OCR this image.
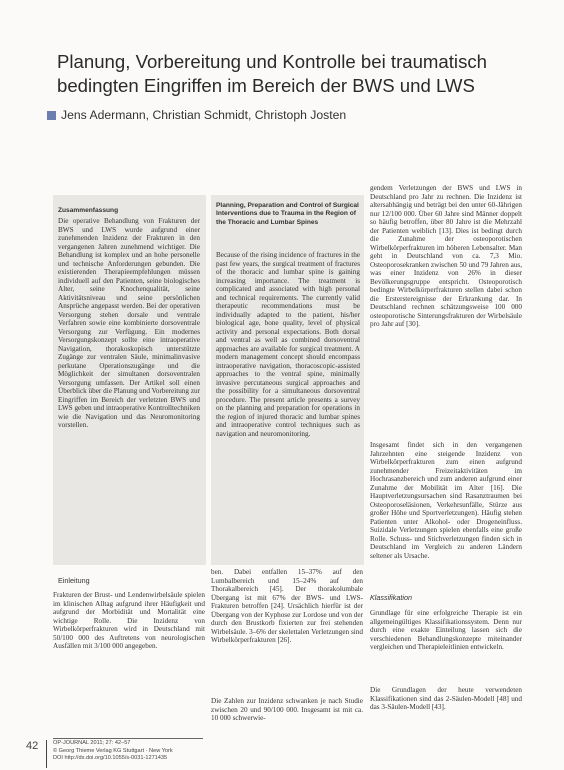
Planung, Vorbereitung und Kontrolle bei traumatisch bedingten Eingriffen im Bereich der BWS und LWS
Jens Adermann, Christian Schmidt, Christoph Josten
Zusammenfassung

Die operative Behandlung von Frakturen der BWS und LWS wurde aufgrund einer zunehmenden Inzidenz der Frakturen in den vergangenen Jahren zunehmend wichtiger. Die Behandlung ist komplex und an hohe personelle und technische Anforderungen gebunden. Die existierenden Therapieempfehlungen müssen individuell auf den Patienten, seine biologisches Alter, seine Knochenqualität, seine Aktivitätsniveau und seine persönlichen Ansprüche angepasst werden. Bei der operativen Versorgung stehen dorsale und ventrale Verfahren sowie eine kombinierte dorsoventrale Versorgung zur Verfügung. Ein modernes Versorgungskonzept sollte eine intraoperative Navigation, thorakoskopisch unterstützte Zugänge zur ventralen Säule, minimalinvasive perkutane Operationszugänge und die Möglichkeit der simultanen dorsoventralen Versorgung umfassen. Der Artikel soll einen Überblick über die Planung und Vorbereitung zur Eingriffen im Bereich der verletzten BWS und LWS geben und intraoperative Kontrolltechniken wie die Navigation und das Neuromonitoring vorstellen.

Planning, Preparation and Control of Surgical Interventions due to Trauma in the Region of the Thoracic and Lumbar Spines

Because of the rising incidence of fractures in the past few years, the surgical treatment of fractures of the thoracic and lumbar spine is gaining increasing importance. The treatment is complicated and associated with high personal and technical requirements. The currently valid therapeutic recommendations must be individually adapted to the patient, his/her biological age, bone quality, level of physical activity and personal expectations. Both dorsal and ventral as well as combined dorsoventral approaches are available for surgical treatment. A modern management concept should encompass intraoperative navigation, thoracoscopic-assisted approaches to the ventral spine, minimally invasive percutaneous surgical approaches and the possibility for a simultaneous dorsoventral procedure. The present article presents a survey on the planning and preparation for operations in the region of injured thoracic and lumbar spines and intraoperative control techniques such as navigation and neuromonitoring.

gendem Verletzungen der BWS und LWS in Deutschland pro Jahr zu rechnen. Die Inzidenz ist altersabhängig und beträgt bei den unter 60-Jährigen nur 12/100 000. Über 60 Jahre sind Männer doppelt so häufig betroffen, über 80 Jahre ist die Mehrzahl der Patienten weiblich [13]. Dies ist bedingt durch die Zunahme der osteoporotischen Wirbelkörperfrakturen im höheren Lebensalter. Man geht in Deutschland von ca. 7,3 Mio. Osteoporosekranken zwischen 50 und 79 Jahren aus, was einer Inzidenz von 26% in dieser Bevölkerungsgruppe entspricht. Osteoporotisch bedingte Wirbelkörperfrakturen stellen dabei schon die Ersterstereignisse der Erkrankung dar. In Deutschland rechnen schätzungsweise 100 000 osteoporotische Sinterungsfrakturen der Wirbelsäule pro Jahr auf [30].

Insgesamt findet sich in den vergangenen Jahrzehnten eine steigende Inzidenz von Wirbelkörperfrakturen zum einen aufgrund zunehmender Freizeitaktivitäten im Hochrasanzbereich und zum anderen aufgrund einer Zunahme der Mobilität im Alter [16]. Die Hauptverletzungsursachen sind Rasanztraumen bei Osteoporoseläsionen, Verkehrsunfälle, Stürze aus großer Höhe und Sportverletzungen). Häufig stehen Patienten unter Alkohol- oder Drogeneinfluss. Suizidale Verletzungen spielen ebenfalls eine große Rolle. Schuss- und Stichverletzungen finden sich in Deutschland im Vergleich zu anderen Ländern seltener als Ursache.

Klassifikation

Grundlage für eine erfolgreiche Therapie ist ein allgemeingültiges Klassifikationssystem. Denn nur durch eine exakte Einteilung lassen sich die verschiedenen Behandlungskonzepte miteinander vergleichen und Therapieleitlinien entwickeln.

Die Grundlagen der heute verwendeten Klassifikationen sind das 2-Säulen-Modell [48] und das 3-Säulen-Modell [43].

Einleitung

Frakturen der Brust- und Lendenwirbelsäule spielen im klinischen Alltag aufgrund ihrer Häufigkeit und aufgrund der Morbidität und Mortalität eine wichtige Rolle. Die Inzidenz von Wirbelkörperfrakturen wird in Deutschland mit 50/100 000 des Auftretens von neurologischen Ausfällen mit 3/100 000 angegeben.

ben. Dabei entfallen 15–37% auf den Lumbalbereich und 15–24% auf den Thorakalbereich [45]. Der thorakolumbale Übergang ist mit 67% der BWS- und LWS-Frakturen betroffen [24]. Ursächlich hierfür ist der Übergang von der Kyphose zur Lordose und von der durch den Brustkorb fixierten zur frei stehenden Wirbelsäule. 3–6% der skelettalen Verletzungen sind Wirbelkörperfrakturen [26].

Die Zahlen zur Inzidenz schwanken je nach Studie zwischen 20 und 90/100 000. Insgesamt ist mit ca. 10 000 schwerwie-

OP-JOURNAL 2011; 27: 42–57
© Georg Thieme Verlag KG Stuttgart · New York
DOI http://dx.doi.org/10.1055/s-0031-1271435
42
